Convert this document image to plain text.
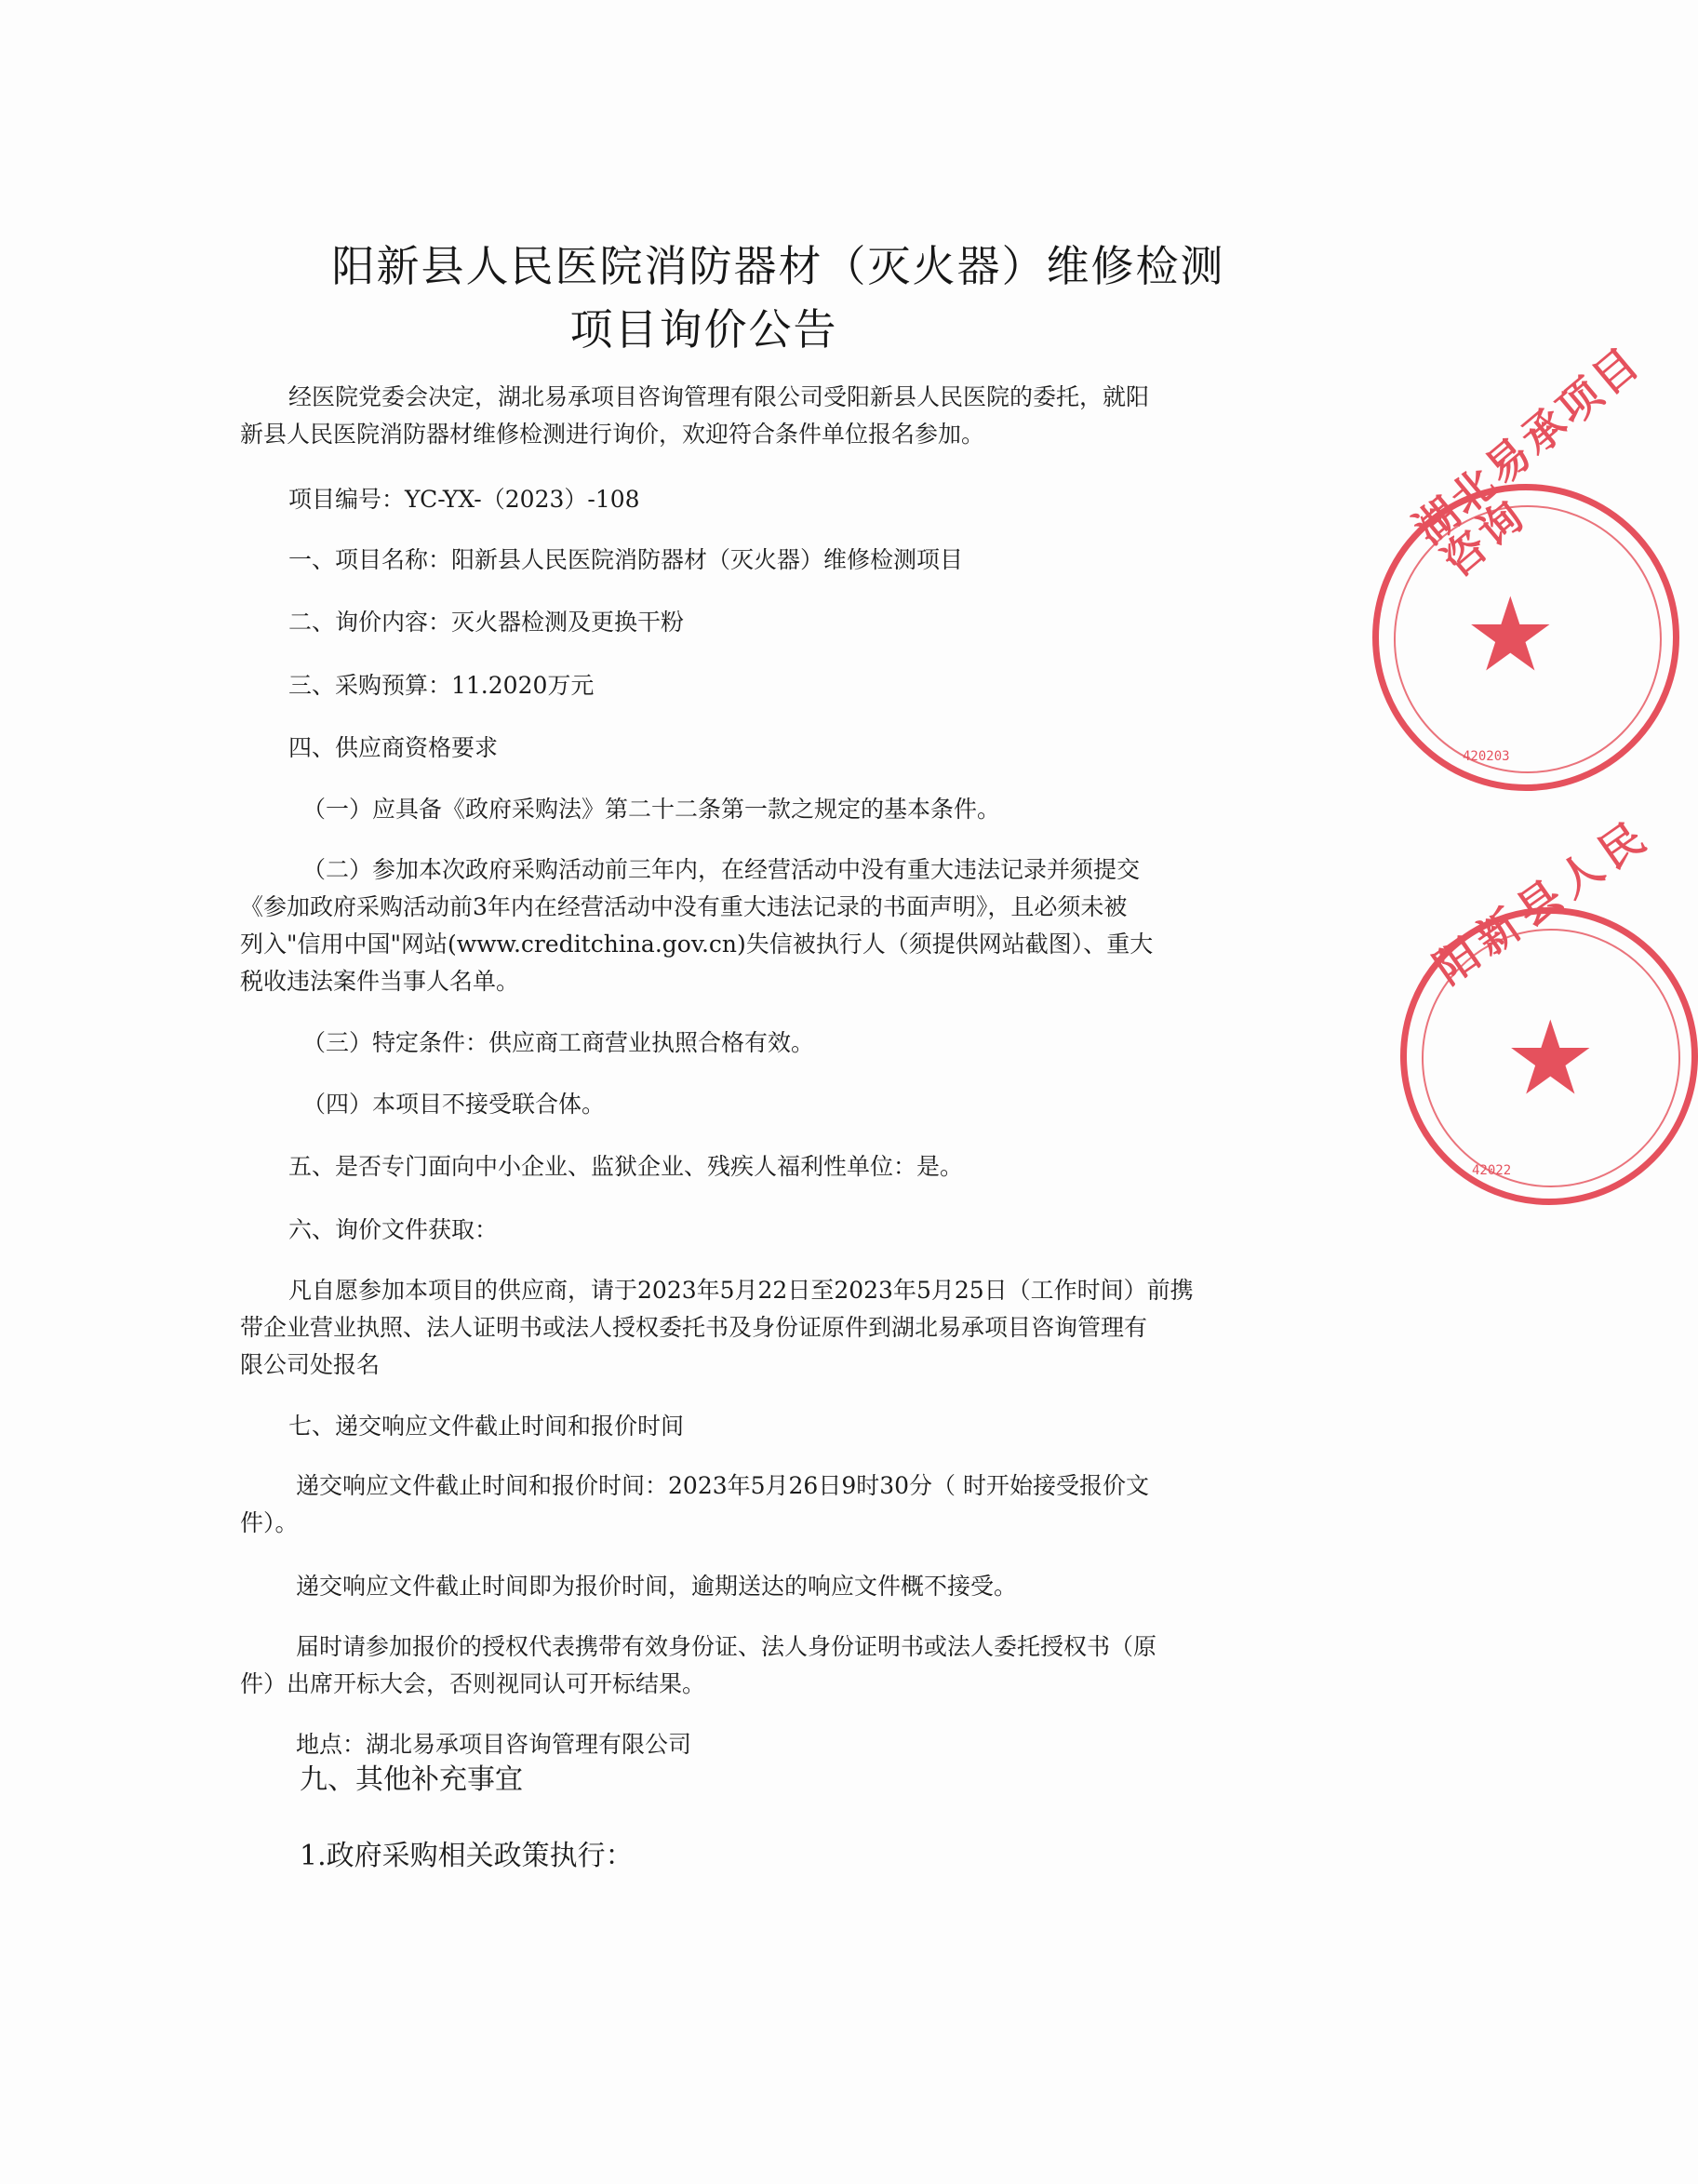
阳新县人民医院消防器材（灭火器）维修检测
项目询价公告
经医院党委会决定，湖北易承项目咨询管理有限公司受阳新县人民医院的委托，就阳
新县人民医院消防器材维修检测进行询价，欢迎符合条件单位报名参加。
项目编号：YC-YX-（2023）-108
一、项目名称：阳新县人民医院消防器材（灭火器）维修检测项目
二、询价内容：灭火器检测及更换干粉
三、采购预算：11.2020万元
四、供应商资格要求
（一）应具备《政府采购法》第二十二条第一款之规定的基本条件。
（二）参加本次政府采购活动前三年内，在经营活动中没有重大违法记录并须提交
《参加政府采购活动前3年内在经营活动中没有重大违法记录的书面声明》，且必须未被
列入"信用中国"网站(www.creditchina.gov.cn)失信被执行人（须提供网站截图）、重大
税收违法案件当事人名单。
（三）特定条件：供应商工商营业执照合格有效。
（四）本项目不接受联合体。
五、是否专门面向中小企业、监狱企业、残疾人福利性单位：是。
六、询价文件获取：
凡自愿参加本项目的供应商，请于2023年5月22日至2023年5月25日（工作时间）前携
带企业营业执照、法人证明书或法人授权委托书及身份证原件到湖北易承项目咨询管理有
限公司处报名
七、递交响应文件截止时间和报价时间
递交响应文件截止时间和报价时间：2023年5月26日9时30分（ 时开始接受报价文
件）。
递交响应文件截止时间即为报价时间，逾期送达的响应文件概不接受。
届时请参加报价的授权代表携带有效身份证、法人身份证明书或法人委托授权书（原
件）出席开标大会，否则视同认可开标结果。
地点：湖北易承项目咨询管理有限公司
九、其他补充事宜
1.政府采购相关政策执行：
湖北易承项目咨询
★
420203
阳新县人民
★
42022
